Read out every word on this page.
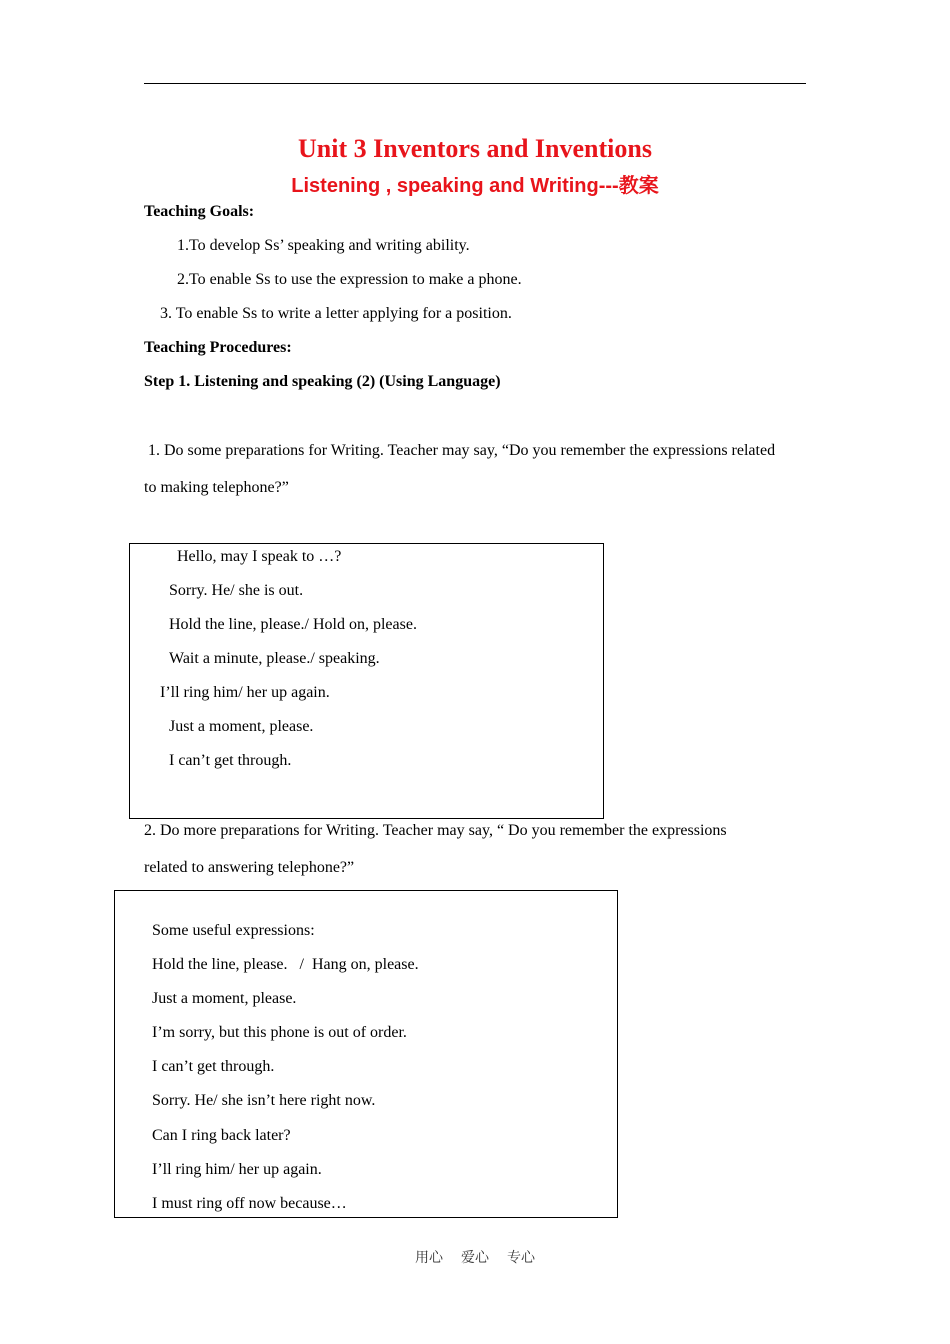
Unit 3 Inventors and Inventions
Listening , speaking and Writing---教案
Teaching Goals:
1.To develop Ss’ speaking and writing ability.
2.To enable Ss to use the expression to make a phone.
3. To enable Ss to write a letter applying for a position.
Teaching Procedures:
Step 1. Listening and speaking (2) (Using Language)
1. Do some preparations for Writing. Teacher may say, “Do you remember the expressions related
to making telephone?”
Hello, may I speak to …?
Sorry. He/ she is out.
Hold the line, please./ Hold on, please.
Wait a minute, please./ speaking.
I’ll ring him/ her up again.
Just a moment, please.
I can’t get through.
2. Do more preparations for Writing. Teacher may say, “ Do you remember the expressions
related to answering telephone?”
Some useful expressions:
Hold the line, please.   /  Hang on, please.
Just a moment, please.
I’m sorry, but this phone is out of order.
I can’t get through.
Sorry. He/ she isn’t here right now.
Can I ring back later?
I’ll ring him/ her up again.
I must ring off now because…
用心 爱心 专心
